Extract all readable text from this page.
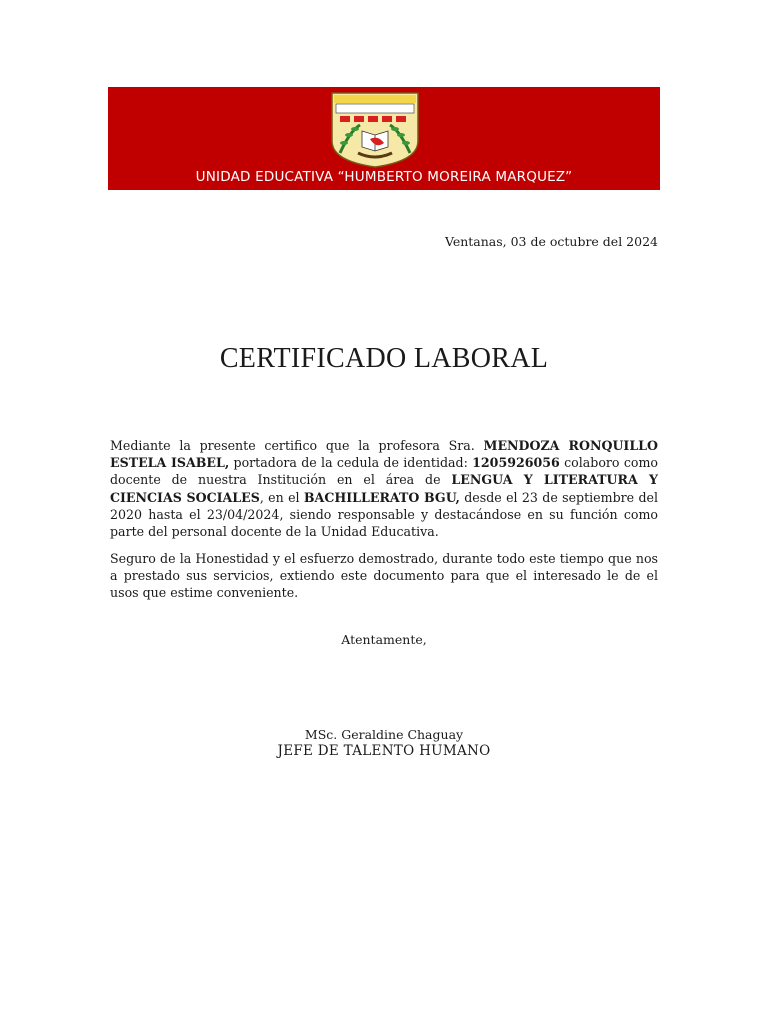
UNIDAD EDUCATIVA “HUMBERTO MOREIRA MARQUEZ”
Ventanas, 03 de octubre del 2024
CERTIFICADO LABORAL

Mediante la presente certifico que la profesora Sra. MENDOZA RONQUILLO ESTELA ISABEL, portadora de la cedula de identidad: 1205926056 colaboro como docente de nuestra Institución en el área de LENGUA Y LITERATURA Y CIENCIAS SOCIALES, en el BACHILLERATO BGU, desde el 23 de septiembre del 2020 hasta el 23/04/2024, siendo responsable y destacándose en su función como parte del personal docente de la Unidad Educativa.

Seguro de la Honestidad y el esfuerzo demostrado, durante todo este tiempo que nos a prestado sus servicios, extiendo este documento para que el interesado le de el usos que estime conveniente.

Atentamente,
MSc. Geraldine Chaguay
JEFE DE TALENTO HUMANO
